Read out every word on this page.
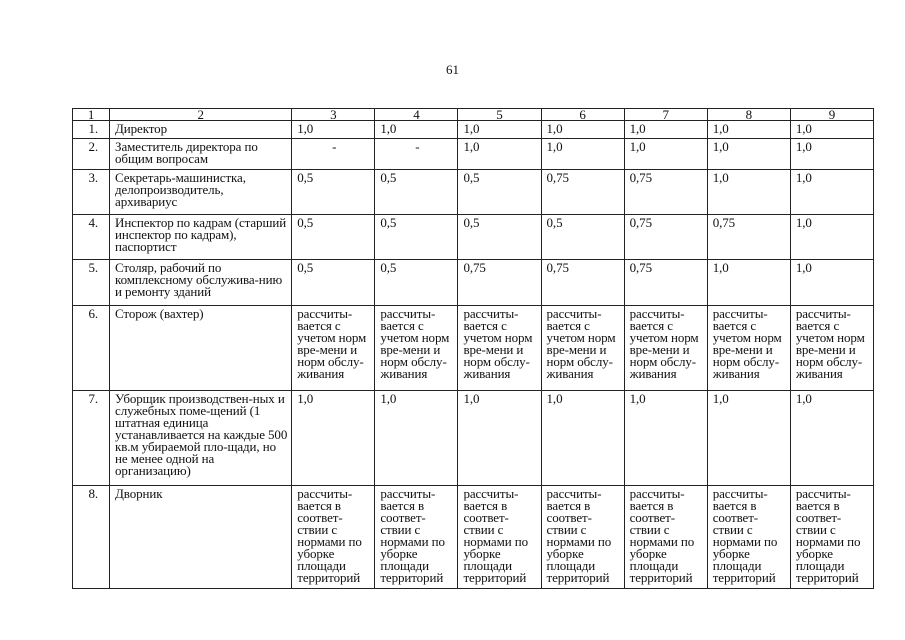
61
1	2	3	4	5	6	7	8	9
1.	Директор	1,0	1,0	1,0	1,0	1,0	1,0	1,0
2.	Заместитель директора по общим вопросам	-	-	1,0	1,0	1,0	1,0	1,0
3.	Секретарь-машинистка, делопроизводитель, архивариус	0,5	0,5	0,5	0,75	0,75	1,0	1,0
4.	Инспектор по кадрам (старший инспектор по кадрам), паспортист	0,5	0,5	0,5	0,5	0,75	0,75	1,0
5.	Столяр, рабочий по комплексному обслужива-нию и ремонту зданий	0,5	0,5	0,75	0,75	0,75	1,0	1,0
6.	Сторож (вахтер)	рассчиты-вается с учетом норм вре-мени и норм обслу-живания	рассчиты-вается с учетом норм вре-мени и норм обслу-живания	рассчиты-вается с учетом норм вре-мени и норм обслу-живания	рассчиты-вается с учетом норм вре-мени и норм обслу-живания	рассчиты-вается с учетом норм вре-мени и норм обслу-живания	рассчиты-вается с учетом норм вре-мени и норм обслу-живания	рассчиты-вается с учетом норм вре-мени и норм обслу-живания
7.	Уборщик производствен-ных и служебных поме-щений (1 штатная единица устанавливается на каждые 500 кв.м убираемой пло-щади, но не менее одной на организацию)	1,0	1,0	1,0	1,0	1,0	1,0	1,0
8.	Дворник	рассчиты-вается в соответ-ствии с нормами по уборке площади территорий	рассчиты-вается в соответ-ствии с нормами по уборке площади территорий	рассчиты-вается в соответ-ствии с нормами по уборке площади территорий	рассчиты-вается в соответ-ствии с нормами по уборке площади территорий	рассчиты-вается в соответ-ствии с нормами по уборке площади территорий	рассчиты-вается в соответ-ствии с нормами по уборке площади территорий	рассчиты-вается в соответ-ствии с нормами по уборке площади территорий
